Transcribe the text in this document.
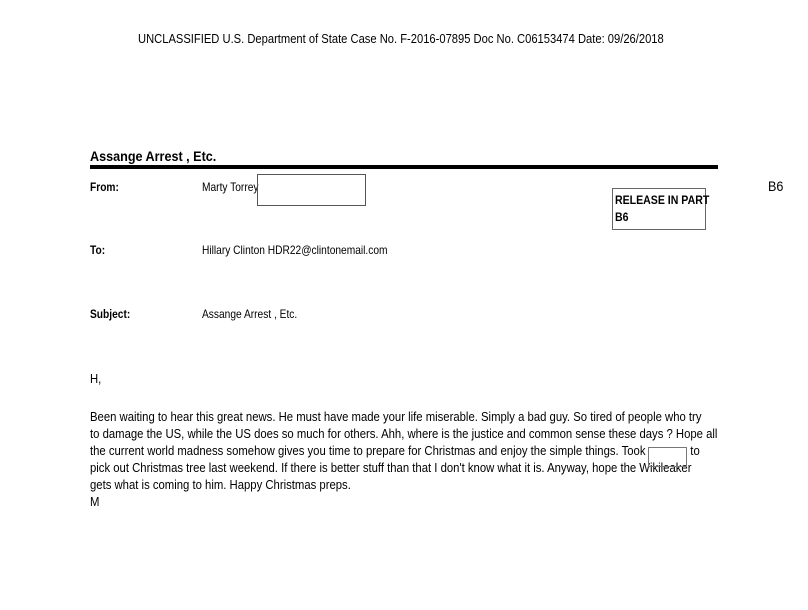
UNCLASSIFIED U.S. Department of State Case No. F-2016-07895 Doc No. C06153474 Date: 09/26/2018
Assange Arrest , Etc.
From:	Marty Torrey
RELEASE IN PART
B6
B6
To:	Hillary Clinton HDR22@clintonemail.com
Subject:	Assange Arrest , Etc.
H,
Been waiting to hear this great news. He must have made your life miserable. Simply a bad guy. So tired of people who try
to damage the US, while the US does so much for others. Ahh, where is the justice and common sense these days ? Hope all
the current world madness somehow gives you time to prepare for Christmas and enjoy the simple things. Took	to
pick out Christmas tree last weekend. If there is better stuff than that I don't know what it is. Anyway, hope the Wikileaker
gets what is coming to him. Happy Christmas preps.
M
